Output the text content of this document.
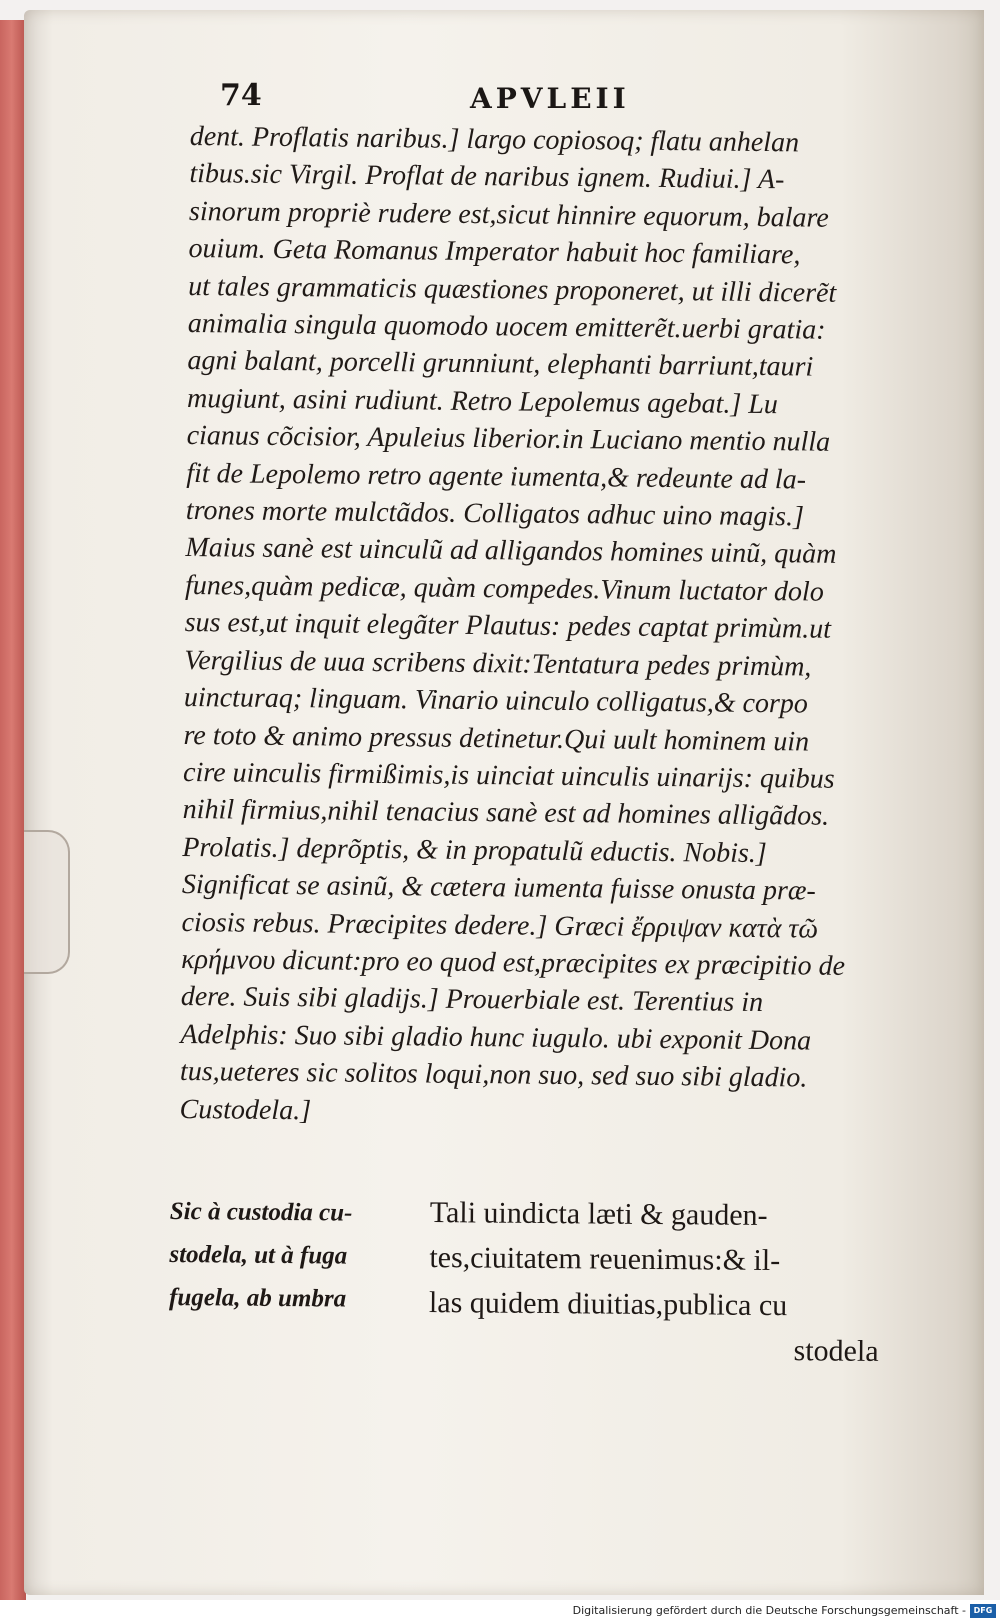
74	APVLEII
dent. Proflatis naribus.] largo copiosoq; flatu anhelan
tibus.sic Virgil. Proflat de naribus ignem. Rudiui.] A-
sinorum propriè rudere est,sicut hinnire equorum, balare
ouium. Geta Romanus Imperator habuit hoc familiare,
ut tales grammaticis quæstiones proponeret, ut illi dicerẽt
animalia singula quomodo uocem emitterẽt.uerbi gratia:
agni balant, porcelli grunniunt, elephanti barriunt,tauri
mugiunt, asini rudiunt. Retro Lepolemus agebat.] Lu
cianus cõcisior, Apuleius liberior.in Luciano mentio nulla
fit de Lepolemo retro agente iumenta,& redeunte ad la-
trones morte mulctãdos. Colligatos adhuc uino magis.]
Maius sanè est uinculũ ad alligandos homines uinũ, quàm
funes,quàm pedicæ, quàm compedes.Vinum luctator dolo
sus est,ut inquit elegãter Plautus: pedes captat primùm.ut
Vergilius de uua scribens dixit:Tentatura pedes primùm,
uincturaq; linguam. Vinario uinculo colligatus,& corpo
re toto & animo pressus detinetur.Qui uult hominem uin
cire uinculis firmißimis,is uinciat uinculis uinarijs: quibus
nihil firmius,nihil tenacius sanè est ad homines alligãdos.
Prolatis.] deprõptis, & in propatulũ eductis. Nobis.]
Significat se asinũ, & cætera iumenta fuisse onusta præ-
ciosis rebus. Præcipites dedere.] Græci ἔρριψαν κατὰ τῶ
κρήμνου dicunt:pro eo quod est,præcipites ex præcipitio de
dere. Suis sibi gladijs.] Prouerbiale est. Terentius in
Adelphis: Suo sibi gladio hunc iugulo. ubi exponit Dona
tus,ueteres sic solitos loqui,non suo, sed suo sibi gladio.
Custodela.]
Sic à custodia cu-
stodela, ut à fuga
fugela, ab umbra
Tali uindicta læti & gauden-
tes,ciuitatem reuenimus:& il-
las quidem diuitias,publica cu
stodela
Digitalisierung gefördert durch die Deutsche Forschungsgemeinschaft - DFG
